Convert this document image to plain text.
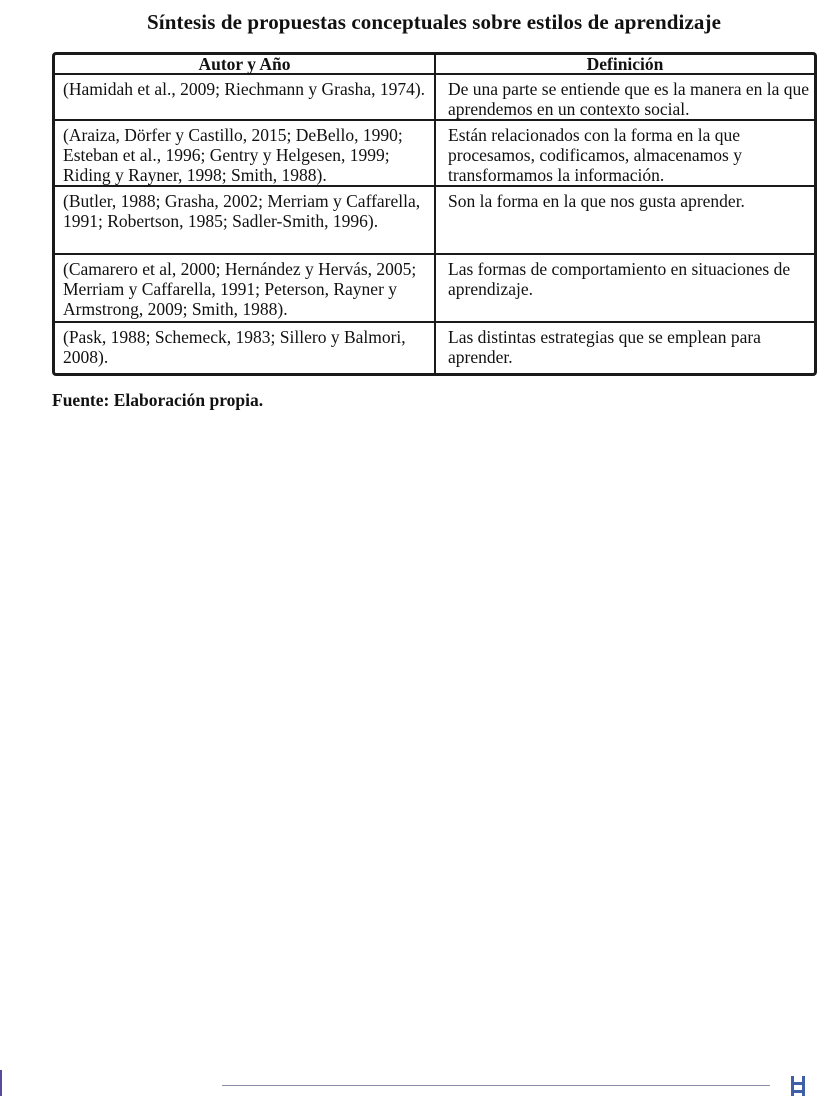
Síntesis de propuestas conceptuales sobre estilos de aprendizaje
Autor y Año	Definición
(Hamidah et al., 2009; Riechmann y Grasha, 1974).	De una parte se entiende que es la manera en la que aprendemos en un contexto social.
(Araiza, Dörfer y Castillo, 2015; DeBello, 1990; Esteban et al., 1996; Gentry y Helgesen, 1999; Riding y Rayner, 1998; Smith, 1988).	Están relacionados con la forma en la que procesamos, codificamos, almacenamos y transformamos la información.
(Butler, 1988; Grasha, 2002; Merriam y Caffarella, 1991; Robertson, 1985; Sadler-Smith, 1996).	Son la forma en la que nos gusta aprender.
(Camarero et al, 2000; Hernández y Hervás, 2005; Merriam y Caffarella, 1991; Peterson, Rayner y Armstrong, 2009; Smith, 1988).	Las formas de comportamiento en situaciones de aprendizaje.
(Pask, 1988; Schemeck, 1983; Sillero y Balmori, 2008).	Las distintas estrategias que se emplean para aprender.
Fuente: Elaboración propia.
